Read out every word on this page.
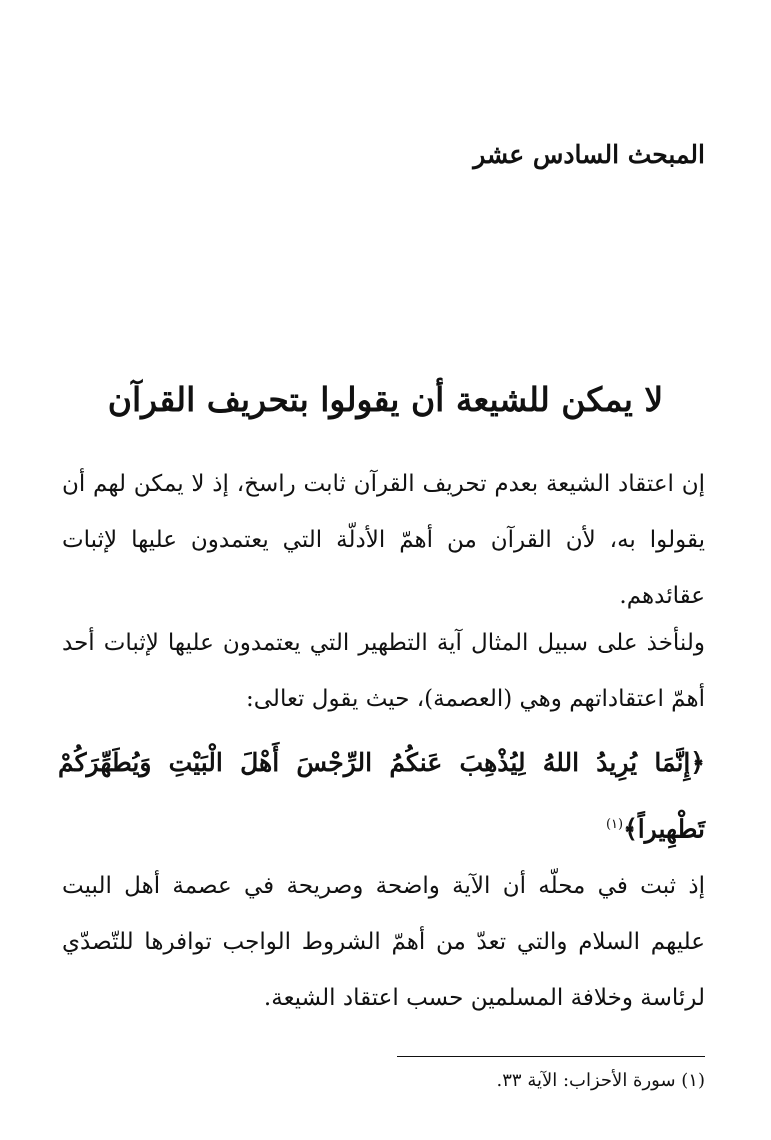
المبحث السادس عشر
لا يمكن للشيعة أن يقولوا بتحريف القرآن
إن اعتقاد الشيعة بعدم تحريف القرآن ثابت راسخ، إذ لا يمكن لهم أن يقولوا به، لأن القرآن من أهمّ الأدلّة التي يعتمدون عليها لإثبات عقائدهم.
ولنأخذ على سبيل المثال آية التطهير التي يعتمدون عليها لإثبات أحد أهمّ اعتقاداتهم وهي (العصمة)، حيث يقول تعالى:
﴿إِنَّمَا يُرِيدُ اللهُ لِيُذْهِبَ عَنكُمُ الرِّجْسَ أَهْلَ الْبَيْتِ وَيُطَهِّرَكُمْ تَطْهِيراً﴾$^{(١)}$
إذ ثبت في محلّه أن الآية واضحة وصريحة في عصمة أهل البيت عليهم السلام والتي تعدّ من أهمّ الشروط الواجب توافرها للتّصدّي لرئاسة وخلافة المسلمين حسب اعتقاد الشيعة.
(١) سورة الأحزاب: الآية ٣٣.
